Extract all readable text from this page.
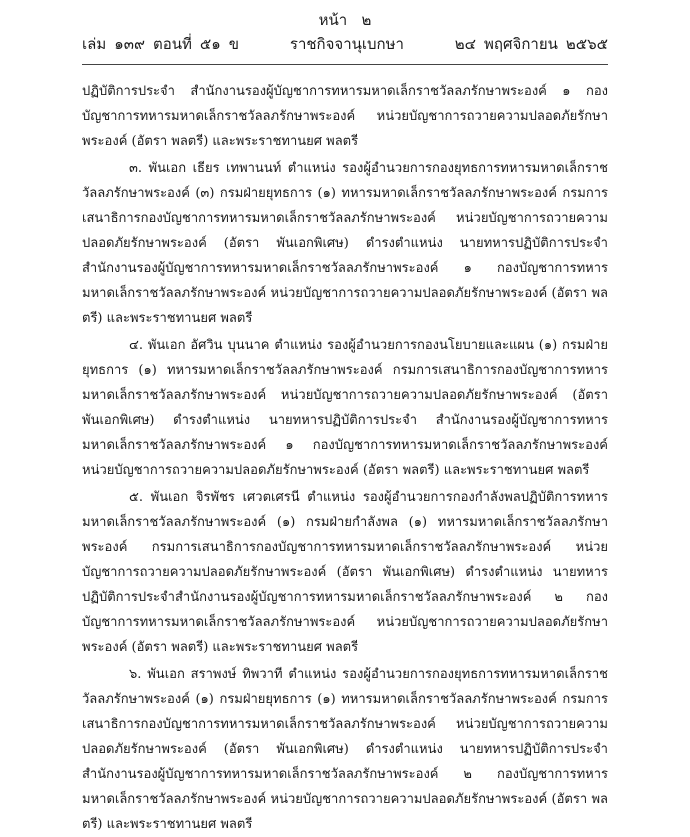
หน้า ๒
เล่ม ๑๓๙ ตอนที่ ๕๑ ข	ราชกิจจานุเบกษา	๒๔ พฤศจิกายน ๒๕๖๕

ปฏิบัติการประจำ สำนักงานรองผู้บัญชาการทหารมหาดเล็กราชวัลลภรักษาพระองค์ ๑ กองบัญชาการทหารมหาดเล็กราชวัลลภรักษาพระองค์ หน่วยบัญชาการถวายความปลอดภัยรักษาพระองค์ (อัตรา พลตรี) และพระราชทานยศ พลตรี

๓. พันเอก เธียร เทพานนท์ ตำแหน่ง รองผู้อำนวยการกองยุทธการทหารมหาดเล็กราชวัลลภรักษาพระองค์ (๓) กรมฝ่ายยุทธการ (๑) ทหารมหาดเล็กราชวัลลภรักษาพระองค์ กรมการเสนาธิการกองบัญชาการทหารมหาดเล็กราชวัลลภรักษาพระองค์ หน่วยบัญชาการถวายความปลอดภัยรักษาพระองค์ (อัตรา พันเอกพิเศษ) ดำรงตำแหน่ง นายทหารปฏิบัติการประจำสำนักงานรองผู้บัญชาการทหารมหาดเล็กราชวัลลภรักษาพระองค์ ๑ กองบัญชาการทหารมหาดเล็กราชวัลลภรักษาพระองค์ หน่วยบัญชาการถวายความปลอดภัยรักษาพระองค์ (อัตรา พลตรี) และพระราชทานยศ พลตรี

๔. พันเอก อัศวิน บุนนาค ตำแหน่ง รองผู้อำนวยการกองนโยบายและแผน (๑) กรมฝ่ายยุทธการ (๑) ทหารมหาดเล็กราชวัลลภรักษาพระองค์ กรมการเสนาธิการกองบัญชาการทหารมหาดเล็กราชวัลลภรักษาพระองค์ หน่วยบัญชาการถวายความปลอดภัยรักษาพระองค์ (อัตรา พันเอกพิเศษ) ดำรงตำแหน่ง นายทหารปฏิบัติการประจำ สำนักงานรองผู้บัญชาการทหารมหาดเล็กราชวัลลภรักษาพระองค์ ๑ กองบัญชาการทหารมหาดเล็กราชวัลลภรักษาพระองค์ หน่วยบัญชาการถวายความปลอดภัยรักษาพระองค์ (อัตรา พลตรี) และพระราชทานยศ พลตรี

๕. พันเอก จิรพัชร เศวตเศรนี ตำแหน่ง รองผู้อำนวยการกองกำลังพลปฏิบัติการทหารมหาดเล็กราชวัลลภรักษาพระองค์ (๑) กรมฝ่ายกำลังพล (๑) ทหารมหาดเล็กราชวัลลภรักษาพระองค์ กรมการเสนาธิการกองบัญชาการทหารมหาดเล็กราชวัลลภรักษาพระองค์ หน่วยบัญชาการถวายความปลอดภัยรักษาพระองค์ (อัตรา พันเอกพิเศษ) ดำรงตำแหน่ง นายทหารปฏิบัติการประจำสำนักงานรองผู้บัญชาการทหารมหาดเล็กราชวัลลภรักษาพระองค์ ๒ กองบัญชาการทหารมหาดเล็กราชวัลลภรักษาพระองค์ หน่วยบัญชาการถวายความปลอดภัยรักษาพระองค์ (อัตรา พลตรี) และพระราชทานยศ พลตรี

๖. พันเอก สราพงษ์ ทิพวาที ตำแหน่ง รองผู้อำนวยการกองยุทธการทหารมหาดเล็กราชวัลลภรักษาพระองค์ (๑) กรมฝ่ายยุทธการ (๑) ทหารมหาดเล็กราชวัลลภรักษาพระองค์ กรมการเสนาธิการกองบัญชาการทหารมหาดเล็กราชวัลลภรักษาพระองค์ หน่วยบัญชาการถวายความปลอดภัยรักษาพระองค์ (อัตรา พันเอกพิเศษ) ดำรงตำแหน่ง นายทหารปฏิบัติการประจำสำนักงานรองผู้บัญชาการทหารมหาดเล็กราชวัลลภรักษาพระองค์ ๒ กองบัญชาการทหารมหาดเล็กราชวัลลภรักษาพระองค์ หน่วยบัญชาการถวายความปลอดภัยรักษาพระองค์ (อัตรา พลตรี) และพระราชทานยศ พลตรี
